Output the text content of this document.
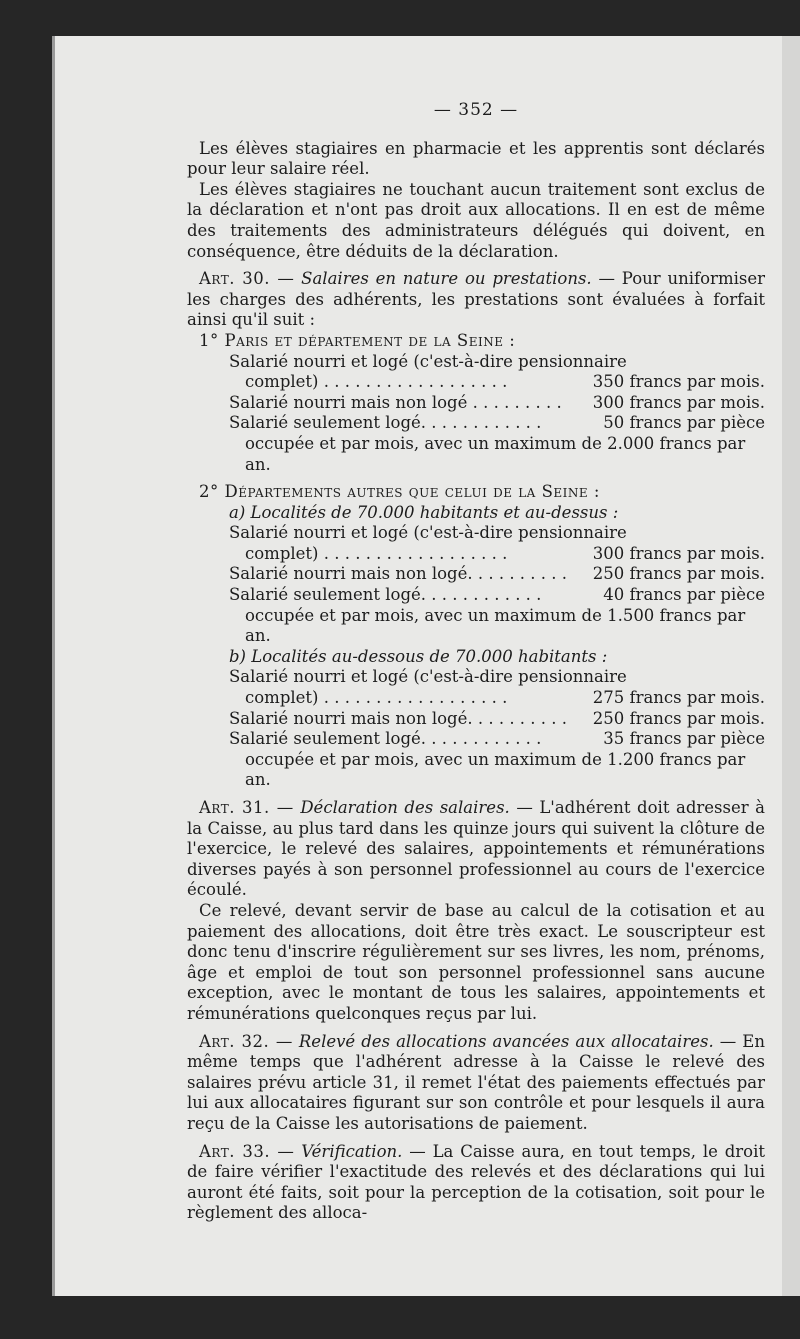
— 352 —

Les élèves stagiaires en pharmacie et les apprentis sont déclarés pour leur salaire réel.

Les élèves stagiaires ne touchant aucun traitement sont exclus de la déclaration et n'ont pas droit aux allocations. Il en est de même des traitements des administrateurs délégués qui doivent, en conséquence, être déduits de la déclaration.

Art. 30. — Salaires en nature ou prestations. — Pour uniformiser les charges des adhérents, les prestations sont évaluées à forfait ainsi qu'il suit :

1° Paris et département de la Seine :

Salarié nourri et logé (c'est-à-dire pensionnaire
complet) . . . . . . . . . . . . . . . . . .	350 francs par mois.
Salarié nourri mais non logé . . . . . . . . .	300 francs par mois.
Salarié seulement logé. . . . . . . . . . . .	50 francs par pièce
occupée et par mois, avec un maximum de 2.000 francs par an.

2° Départements autres que celui de la Seine :

a) Localités de 70.000 habitants et au-dessus :
Salarié nourri et logé (c'est-à-dire pensionnaire
complet) . . . . . . . . . . . . . . . . . .	300 francs par mois.
Salarié nourri mais non logé. . . . . . . . . .	250 francs par mois.
Salarié seulement logé. . . . . . . . . . . .	40 francs par pièce
occupée et par mois, avec un maximum de 1.500 francs par an.
b) Localités au-dessous de 70.000 habitants :
Salarié nourri et logé (c'est-à-dire pensionnaire
complet) . . . . . . . . . . . . . . . . . .	275 francs par mois.
Salarié nourri mais non logé. . . . . . . . . .	250 francs par mois.
Salarié seulement logé. . . . . . . . . . . .	35 francs par pièce
occupée et par mois, avec un maximum de 1.200 francs par an.

Art. 31. — Déclaration des salaires. — L'adhérent doit adresser à la Caisse, au plus tard dans les quinze jours qui suivent la clôture de l'exercice, le relevé des salaires, appointements et rémunérations diverses payés à son personnel professionnel au cours de l'exercice écoulé.

Ce relevé, devant servir de base au calcul de la cotisation et au paiement des allocations, doit être très exact. Le souscripteur est donc tenu d'inscrire régulièrement sur ses livres, les nom, prénoms, âge et emploi de tout son personnel professionnel sans aucune exception, avec le montant de tous les salaires, appointements et rémunérations quelconques reçus par lui.

Art. 32. — Relevé des allocations avancées aux allocataires. — En même temps que l'adhérent adresse à la Caisse le relevé des salaires prévu article 31, il remet l'état des paiements effectués par lui aux allocataires figurant sur son contrôle et pour lesquels il aura reçu de la Caisse les autorisations de paiement.

Art. 33. — Vérification. — La Caisse aura, en tout temps, le droit de faire vérifier l'exactitude des relevés et des déclarations qui lui auront été faits, soit pour la perception de la cotisation, soit pour le règlement des alloca-
